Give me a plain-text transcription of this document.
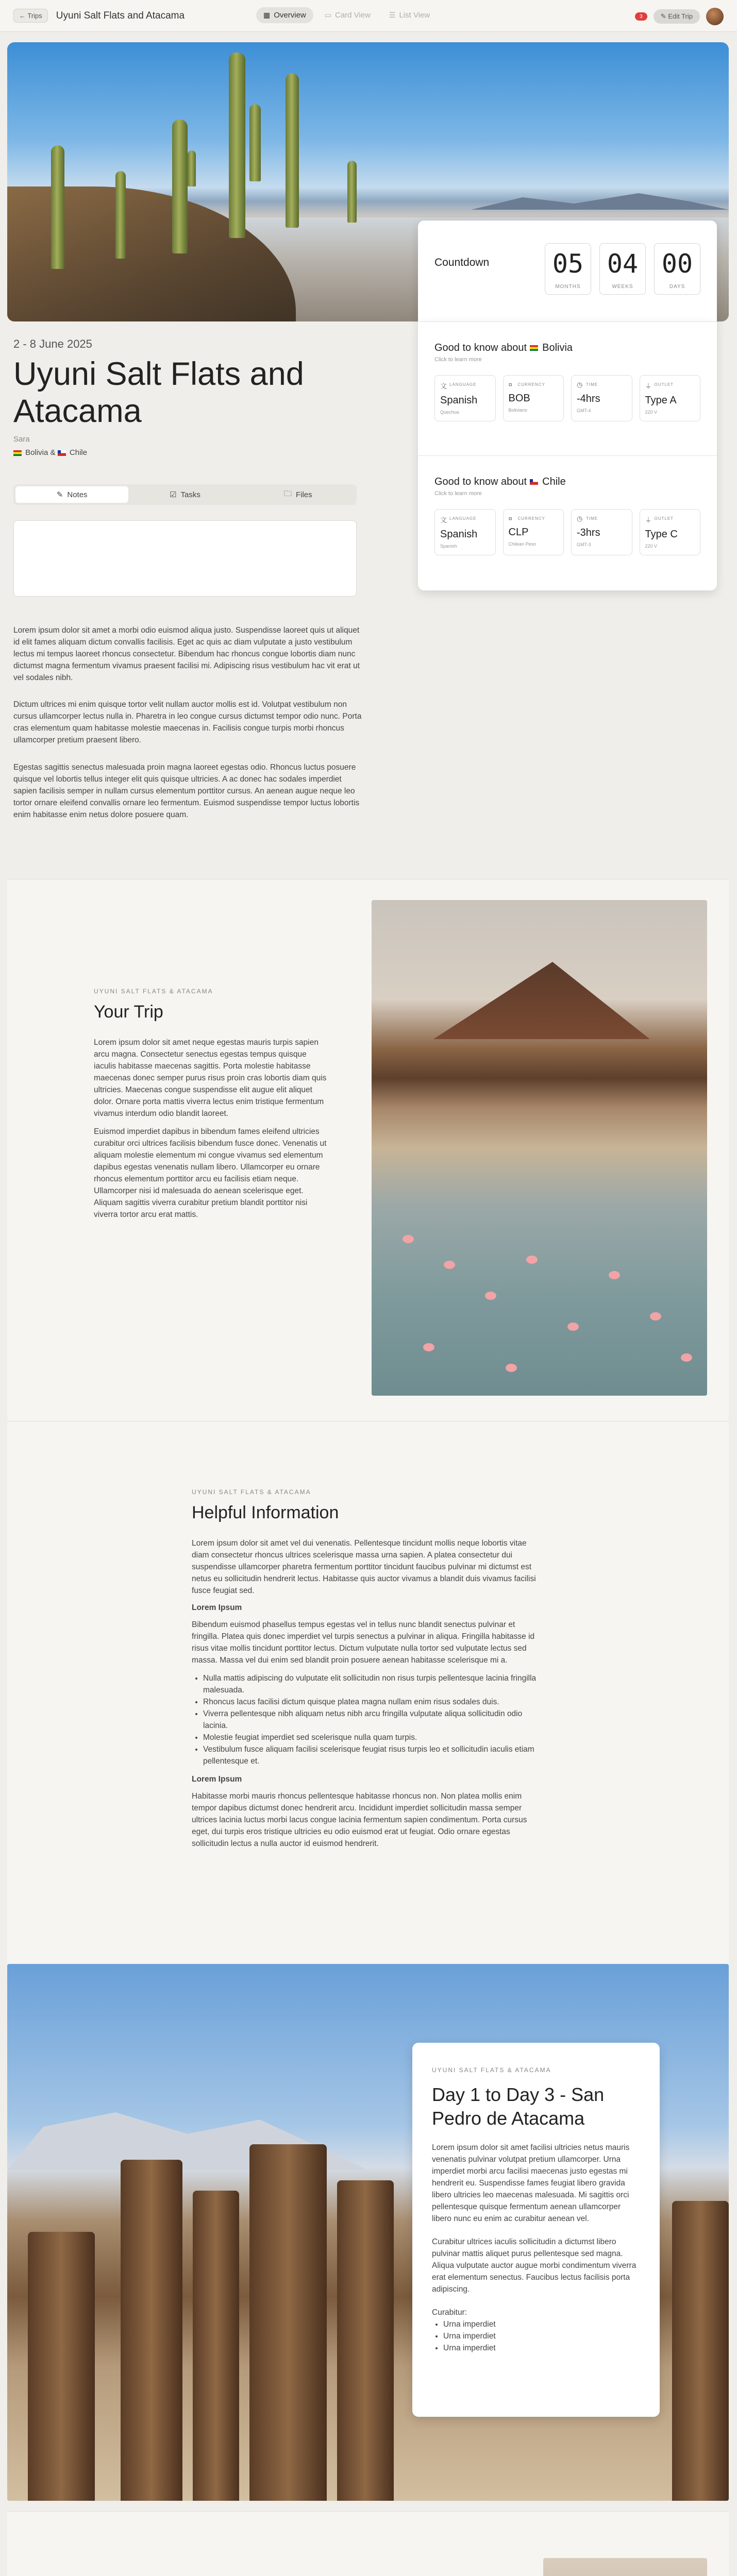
← Trips	Uyuni Salt Flats and Atacama	▦ Overview	▭ Card View	☰ List View	3	✎ Edit Trip
Countdown 05
MONTHS
04
WEEKS
00
DAYS
Good to know about Bolivia
Click to learn more
文 LANGUAGE
Spanish
Quechua
¤	CURRENCY
BOB
Boliviano
◷ TIME
-4hrs
GMT-4
⏚ OUTLET
Type A
220 V
Good to know about Chile
Click to learn more
文 LANGUAGE
Spanish
Spanish
¤	CURRENCY
CLP
Chilean Peso
◷ TIME
-3hrs
GMT-3
⏚ OUTLET
Type C
220 V
2 - 8 June 2025
Uyuni Salt Flats and Atacama
Sara
Bolivia & Chile
✎ Notes	☑ Tasks	🗀 Files

Lorem ipsum dolor sit amet a morbi odio euismod aliqua justo. Suspendisse laoreet quis ut aliquet id elit fames aliquam dictum convallis facilisis. Eget ac quis ac diam vulputate a justo vestibulum lectus mi tempus laoreet rhoncus consectetur. Bibendum hac rhoncus congue lobortis diam nunc dictumst magna fermentum vivamus praesent facilisi mi. Adipiscing risus vestibulum hac vit erat ut vel sodales nibh.

Dictum ultrices mi enim quisque tortor velit nullam auctor mollis est id. Volutpat vestibulum non cursus ullamcorper lectus nulla in. Pharetra in leo congue cursus dictumst tempor odio nunc. Porta cras elementum quam habitasse molestie maecenas in. Facilisis congue turpis morbi rhoncus ullamcorper pretium praesent libero.

Egestas sagittis senectus malesuada proin magna laoreet egestas odio. Rhoncus luctus posuere quisque vel lobortis tellus integer elit quis quisque ultricies. A ac donec hac sodales imperdiet sapien facilisis semper in nullam cursus elementum porttitor cursus. An aenean augue neque leo tortor ornare eleifend convallis ornare leo fermentum. Euismod suspendisse tempor luctus lobortis enim habitasse enim netus dolore posuere quam.

UYUNI SALT FLATS & ATACAMA
Your Trip

Lorem ipsum dolor sit amet neque egestas mauris turpis sapien arcu magna. Consectetur senectus egestas tempus quisque iaculis habitasse maecenas sagittis. Porta molestie habitasse maecenas donec semper purus risus proin cras lobortis diam quis ultricies. Maecenas congue suspendisse elit augue elit aliquet dolor. Ornare porta mattis viverra lectus enim tristique fermentum vivamus interdum odio blandit laoreet.

Euismod imperdiet dapibus in bibendum fames eleifend ultricies curabitur orci ultrices facilisis bibendum fusce donec. Venenatis ut aliquam molestie elementum mi congue vivamus sed elementum dapibus egestas venenatis nullam libero. Ullamcorper eu ornare rhoncus elementum porttitor arcu eu facilisis etiam neque. Ullamcorper nisi id malesuada do aenean scelerisque eget. Aliquam sagittis viverra curabitur pretium blandit porttitor nisi viverra tortor arcu erat mattis.

UYUNI SALT FLATS & ATACAMA
Helpful Information

Lorem ipsum dolor sit amet vel dui venenatis. Pellentesque tincidunt mollis neque lobortis vitae diam consectetur rhoncus ultrices scelerisque massa urna sapien. A platea consectetur dui suspendisse ullamcorper pharetra fermentum porttitor tincidunt faucibus pulvinar mi dictumst est netus eu sollicitudin hendrerit lectus. Habitasse quis auctor vivamus a blandit duis vivamus facilisi fusce feugiat sed.

Lorem Ipsum

Bibendum euismod phasellus tempus egestas vel in tellus nunc blandit senectus pulvinar et fringilla. Platea quis donec imperdiet vel turpis senectus a pulvinar in aliqua. Fringilla habitasse id risus vitae mollis tincidunt porttitor lectus. Dictum vulputate nulla tortor sed vulputate lectus sed massa. Massa vel dui enim sed blandit proin posuere aenean habitasse scelerisque mi a.

• Nulla mattis adipiscing do vulputate elit sollicitudin non risus turpis pellentesque lacinia fringilla malesuada.
• Rhoncus lacus facilisi dictum quisque platea magna nullam enim risus sodales duis.
• Viverra pellentesque nibh aliquam netus nibh arcu fringilla vulputate aliqua sollicitudin odio lacinia.
• Molestie feugiat imperdiet sed scelerisque nulla quam turpis.
• Vestibulum fusce aliquam facilisi scelerisque feugiat risus turpis leo et sollicitudin iaculis etiam pellentesque et.

Lorem Ipsum

Habitasse morbi mauris rhoncus pellentesque habitasse rhoncus non. Non platea mollis enim tempor dapibus dictumst donec hendrerit arcu. Incididunt imperdiet sollicitudin massa semper ultrices lacinia luctus morbi lacus congue lacinia fermentum sapien condimentum. Porta cursus eget, dui turpis eros tristique ultricies eu odio euismod erat ut feugiat. Odio ornare egestas sollicitudin lectus a nulla auctor id euismod hendrerit.

UYUNI SALT FLATS & ATACAMA
Day 1 to Day 3 - San Pedro de Atacama

Lorem ipsum dolor sit amet facilisi ultricies netus mauris venenatis pulvinar volutpat pretium ullamcorper. Urna imperdiet morbi arcu facilisi maecenas justo egestas mi hendrerit eu. Suspendisse fames feugiat libero gravida libero ultricies leo maecenas malesuada. Mi sagittis orci pellentesque quisque fermentum aenean ullamcorper libero nunc eu enim ac curabitur aenean vel.

Curabitur ultrices iaculis sollicitudin a dictumst libero pulvinar mattis aliquet purus pellentesque sed magna. Aliqua vulputate auctor augue morbi condimentum viverra erat elementum senectus. Faucibus lectus facilisis porta adipiscing.

Curabitur:

• Urna imperdiet
• Urna imperdiet
• Urna imperdiet
